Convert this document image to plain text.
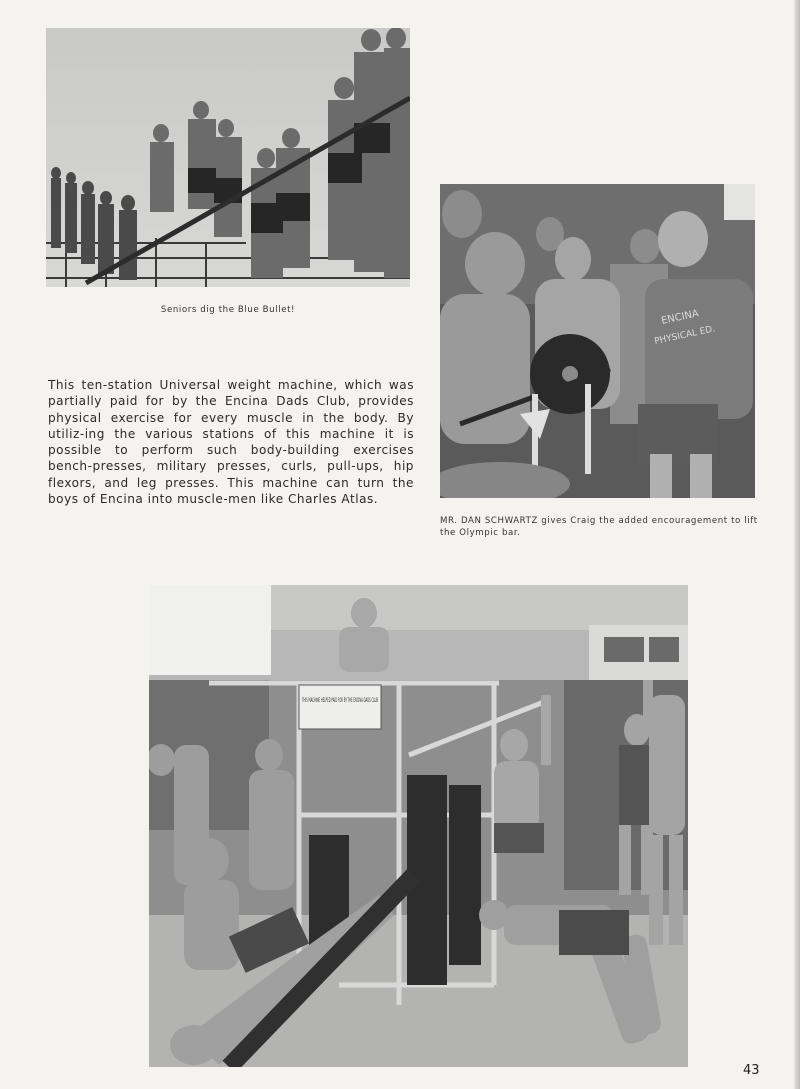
Seniors dig the Blue Bullet!	ENCINA
PHYSICAL ED.
MR. DAN SCHWARTZ gives Craig the added encouragement to lift the Olympic bar.
This ten-station Universal weight machine, which was partially paid for by the Encina Dads Club, provides physical exercise for every muscle in the body. By utiliz-ing the various stations of this machine it is possible to perform such body-building exercises bench-presses, military presses, curls, pull-ups, hip flexors, and leg presses. This machine can turn the boys of Encina into muscle-men like Charles Atlas.
THIS MACHINE HELPED PAID FOR BY THE ENCINA DADS CLUB
43
